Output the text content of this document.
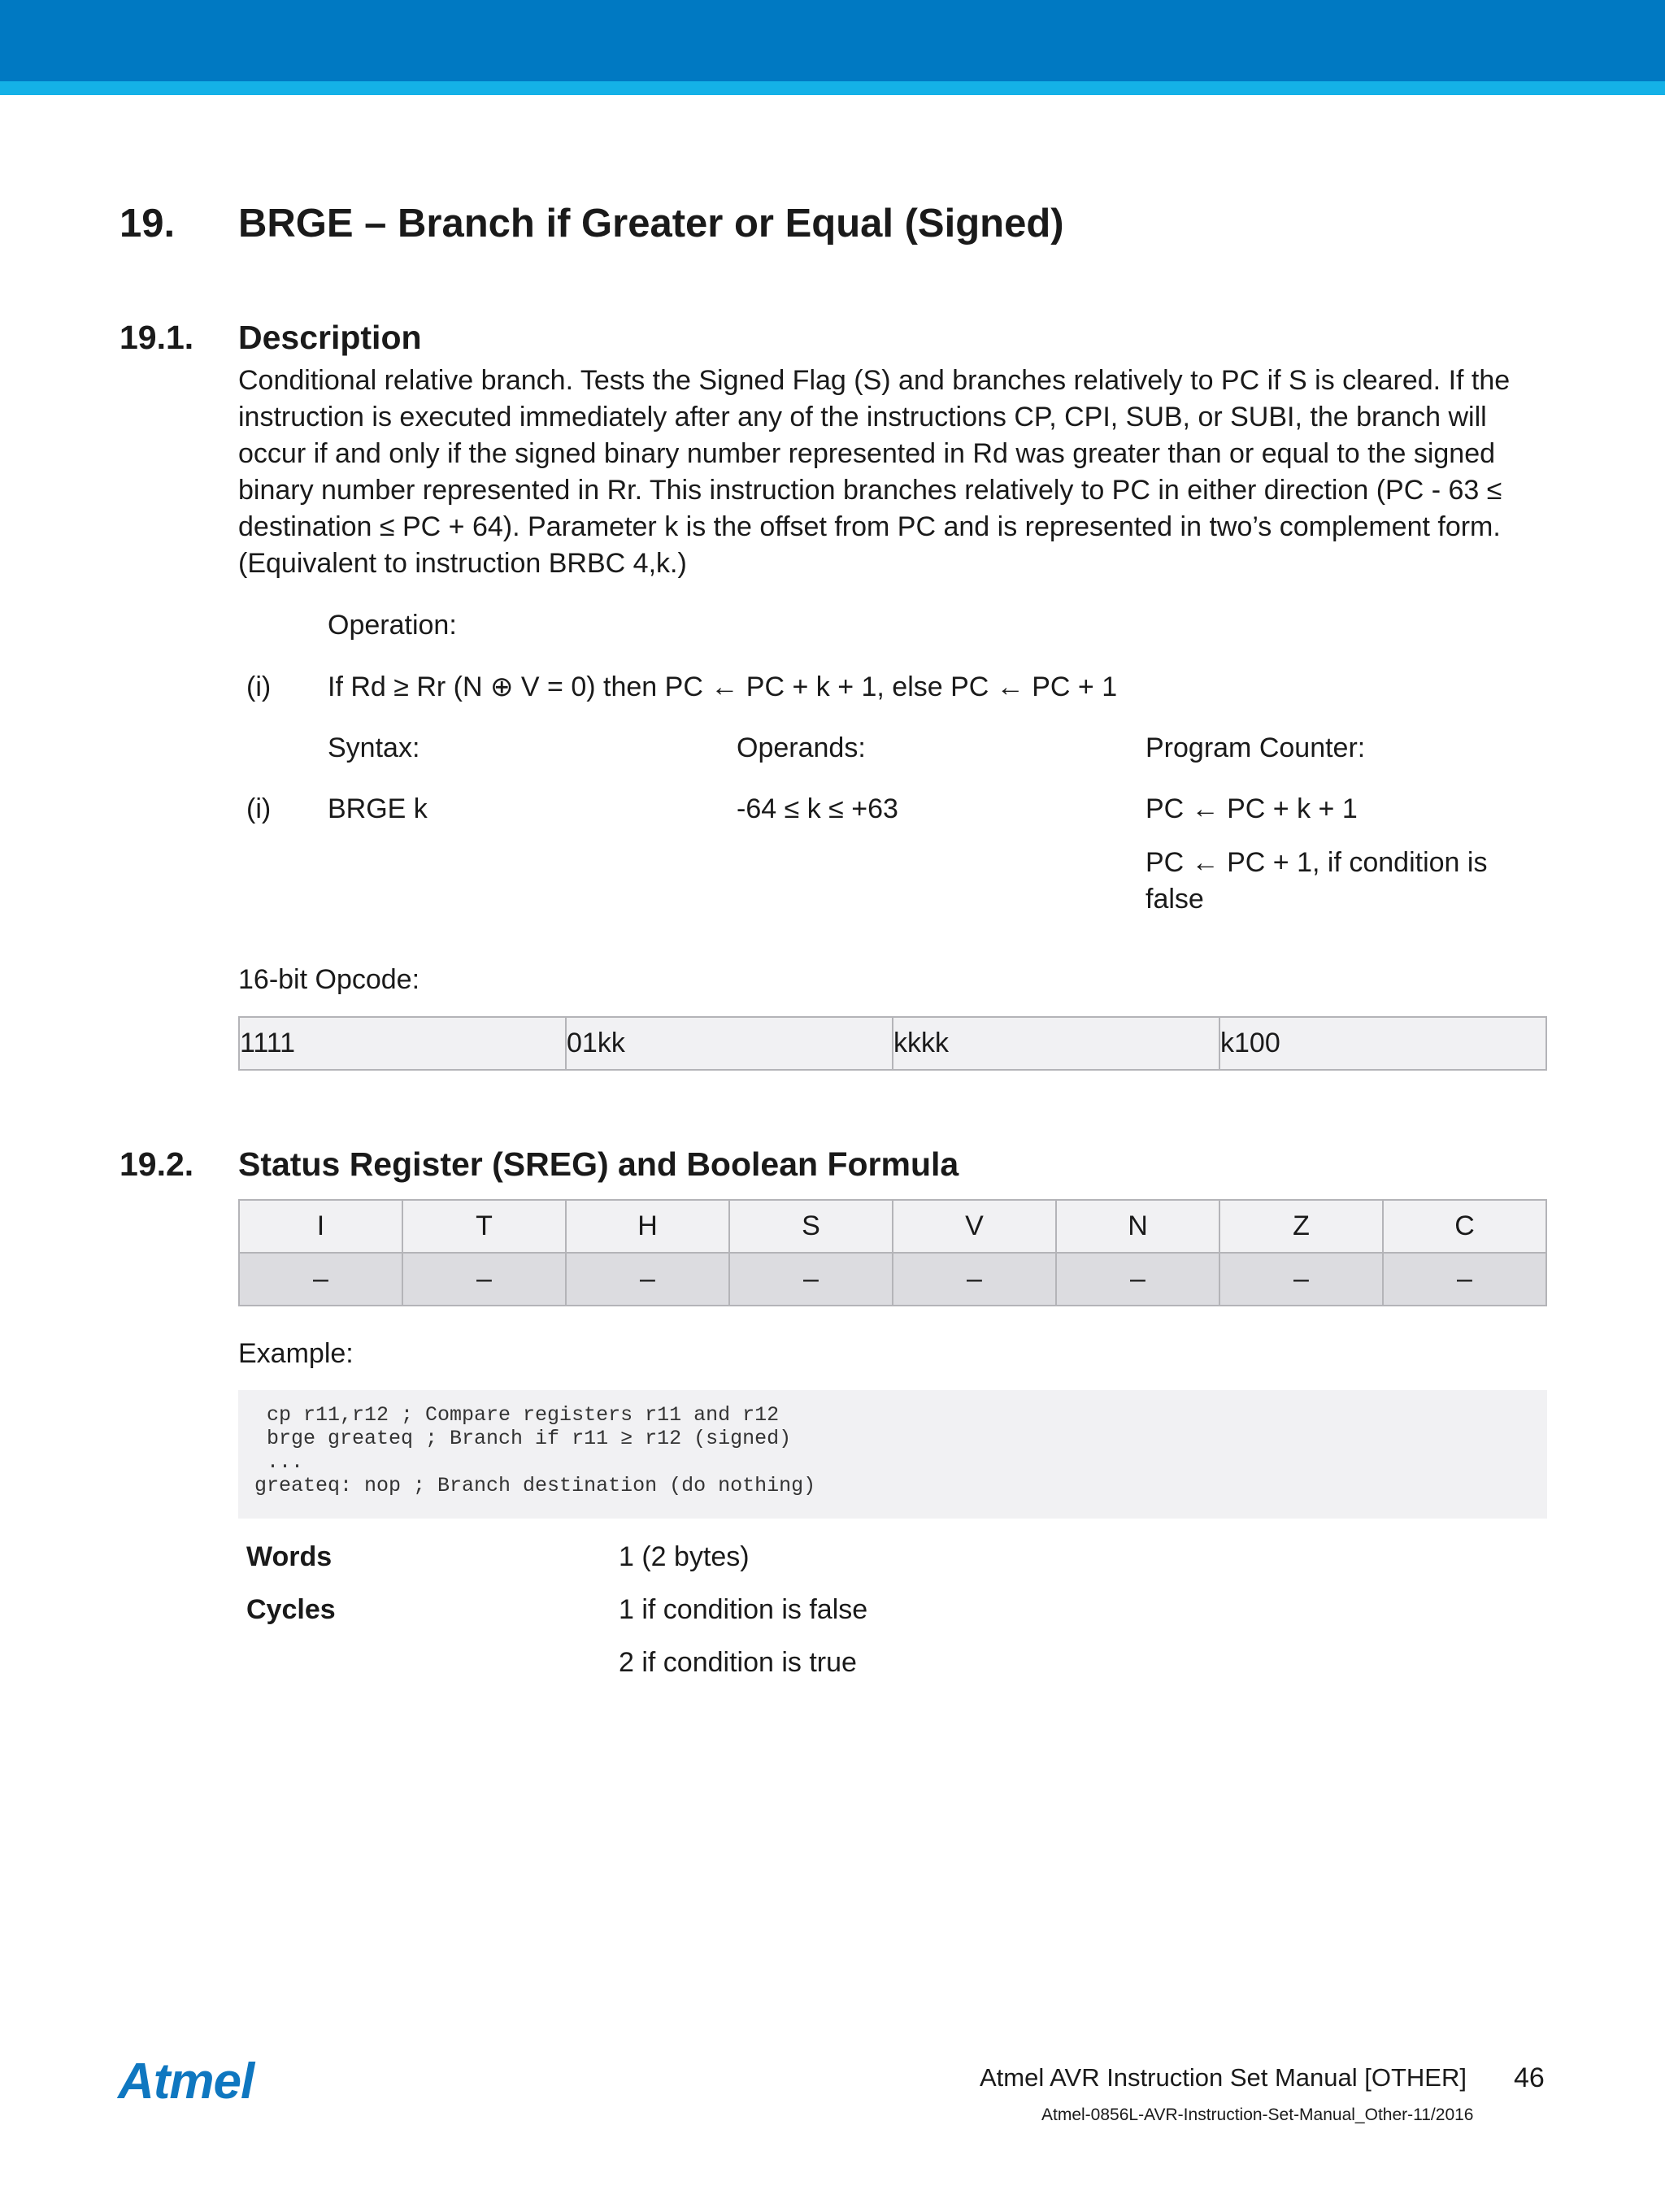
19. BRGE – Branch if Greater or Equal (Signed)
19.1. Description
Conditional relative branch. Tests the Signed Flag (S) and branches relatively to PC if S is cleared. If the
instruction is executed immediately after any of the instructions CP, CPI, SUB, or SUBI, the branch will
occur if and only if the signed binary number represented in Rd was greater than or equal to the signed
binary number represented in Rr. This instruction branches relatively to PC in either direction (PC - 63 ≤
destination ≤ PC + 64). Parameter k is the offset from PC and is represented in two’s complement form.
(Equivalent to instruction BRBC 4,k.)
Operation:
(i) If Rd ≥ Rr (N ⊕ V = 0) then PC ← PC + k + 1, else PC ← PC + 1
Syntax:	Operands:	Program Counter:
(i) BRGE k	-64 ≤ k ≤ +63	PC ← PC + k + 1
PC ← PC + 1, if condition is
false
16-bit Opcode:
1111	01kk	kkkk	k100
19.2. Status Register (SREG) and Boolean Formula
I	T	H	S	V	N	Z	C
–	–	–	–	–	–	–	–
Example:
cp r11,r12 ; Compare registers r11 and r12
brge greateq ; Branch if r11 ≥ r12 (signed)
...
greateq: nop ; Branch destination (do nothing)
Words	1 (2 bytes)
Cycles	1 if condition is false
2 if condition is true
Atmel	Atmel AVR Instruction Set Manual [OTHER] 46
Atmel-0856L-AVR-Instruction-Set-Manual_Other-11/2016
